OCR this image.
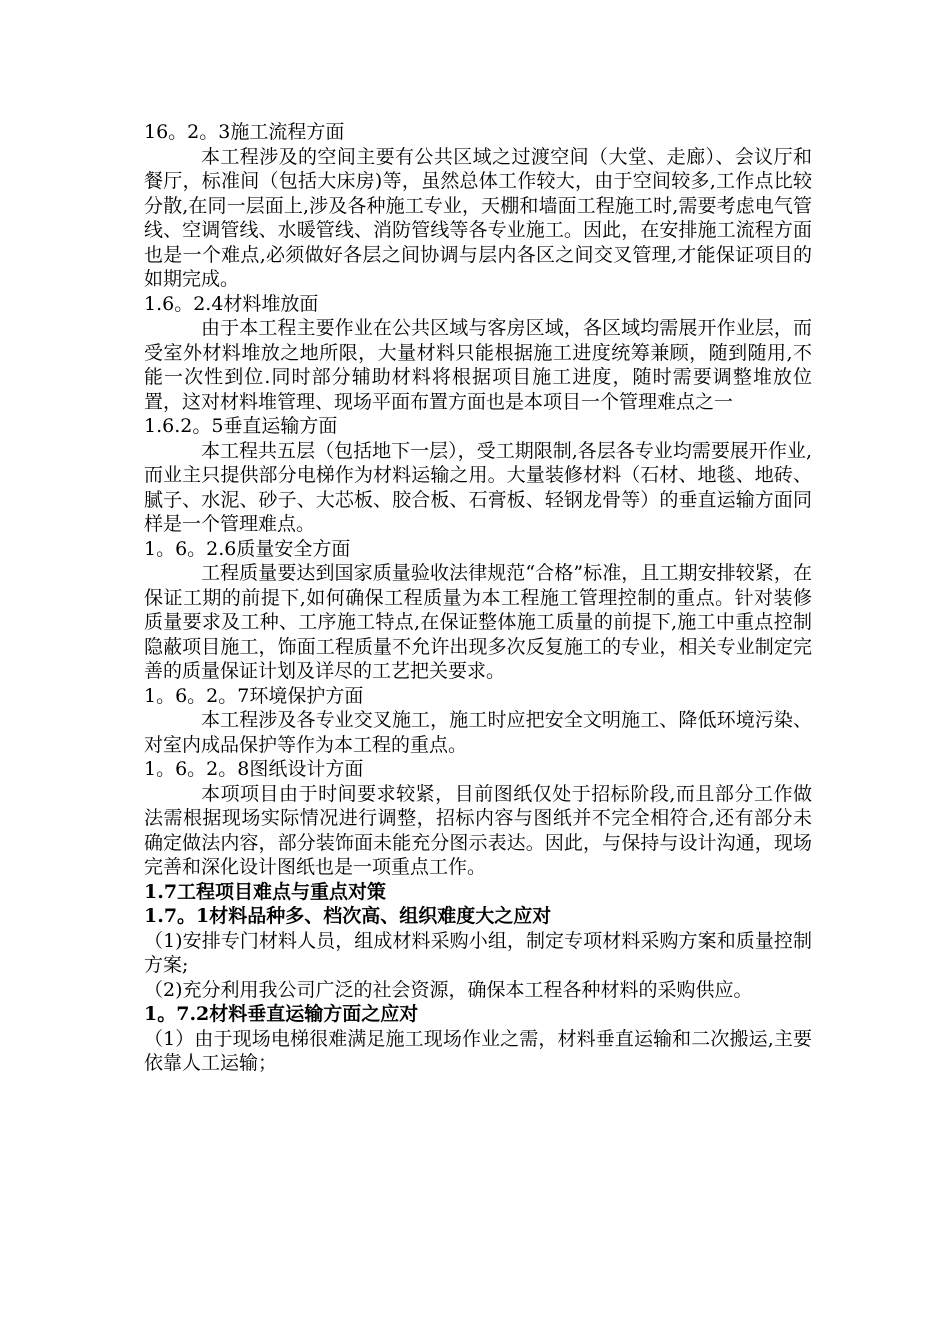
16。2。3施工流程方面

本工程涉及的空间主要有公共区域之过渡空间（大堂、走廊）、会议厅和餐厅，标准间（包括大床房)等，虽然总体工作较大，由于空间较多,工作点比较分散,在同一层面上,涉及各种施工专业，天棚和墙面工程施工时,需要考虑电气管线、空调管线、水暖管线、消防管线等各专业施工。因此，在安排施工流程方面也是一个难点,必须做好各层之间协调与层内各区之间交叉管理,才能保证项目的如期完成。

1.6。2.4材料堆放面

由于本工程主要作业在公共区域与客房区域，各区域均需展开作业层，而受室外材料堆放之地所限，大量材料只能根据施工进度统筹兼顾，随到随用,不能一次性到位.同时部分辅助材料将根据项目施工进度，随时需要调整堆放位置，这对材料堆管理、现场平面布置方面也是本项目一个管理难点之一

1.6.2。5垂直运输方面

本工程共五层（包括地下一层），受工期限制,各层各专业均需要展开作业,而业主只提供部分电梯作为材料运输之用。大量装修材料（石材、地毯、地砖、腻子、水泥、砂子、大芯板、胶合板、石膏板、轻钢龙骨等）的垂直运输方面同样是一个管理难点。

1。6。2.6质量安全方面

工程质量要达到国家质量验收法律规范“合格”标准，且工期安排较紧，在保证工期的前提下,如何确保工程质量为本工程施工管理控制的重点。针对装修质量要求及工种、工序施工特点,在保证整体施工质量的前提下,施工中重点控制隐蔽项目施工，饰面工程质量不允许出现多次反复施工的专业，相关专业制定完善的质量保证计划及详尽的工艺把关要求。

1。6。2。7环境保护方面

本工程涉及各专业交叉施工，施工时应把安全文明施工、降低环境污染、对室内成品保护等作为本工程的重点。

1。6。2。8图纸设计方面

本项项目由于时间要求较紧，目前图纸仅处于招标阶段,而且部分工作做法需根据现场实际情况进行调整，招标内容与图纸并不完全相符合,还有部分未确定做法内容，部分装饰面未能充分图示表达。因此，与保持与设计沟通，现场完善和深化设计图纸也是一项重点工作。

1.7工程项目难点与重点对策

1.7。1材料品种多、档次高、组织难度大之应对

（1)安排专门材料人员，组成材料采购小组，制定专项材料采购方案和质量控制方案;

（2)充分利用我公司广泛的社会资源，确保本工程各种材料的采购供应。

1。7.2材料垂直运输方面之应对

（1）由于现场电梯很难满足施工现场作业之需，材料垂直运输和二次搬运,主要依靠人工运输；
